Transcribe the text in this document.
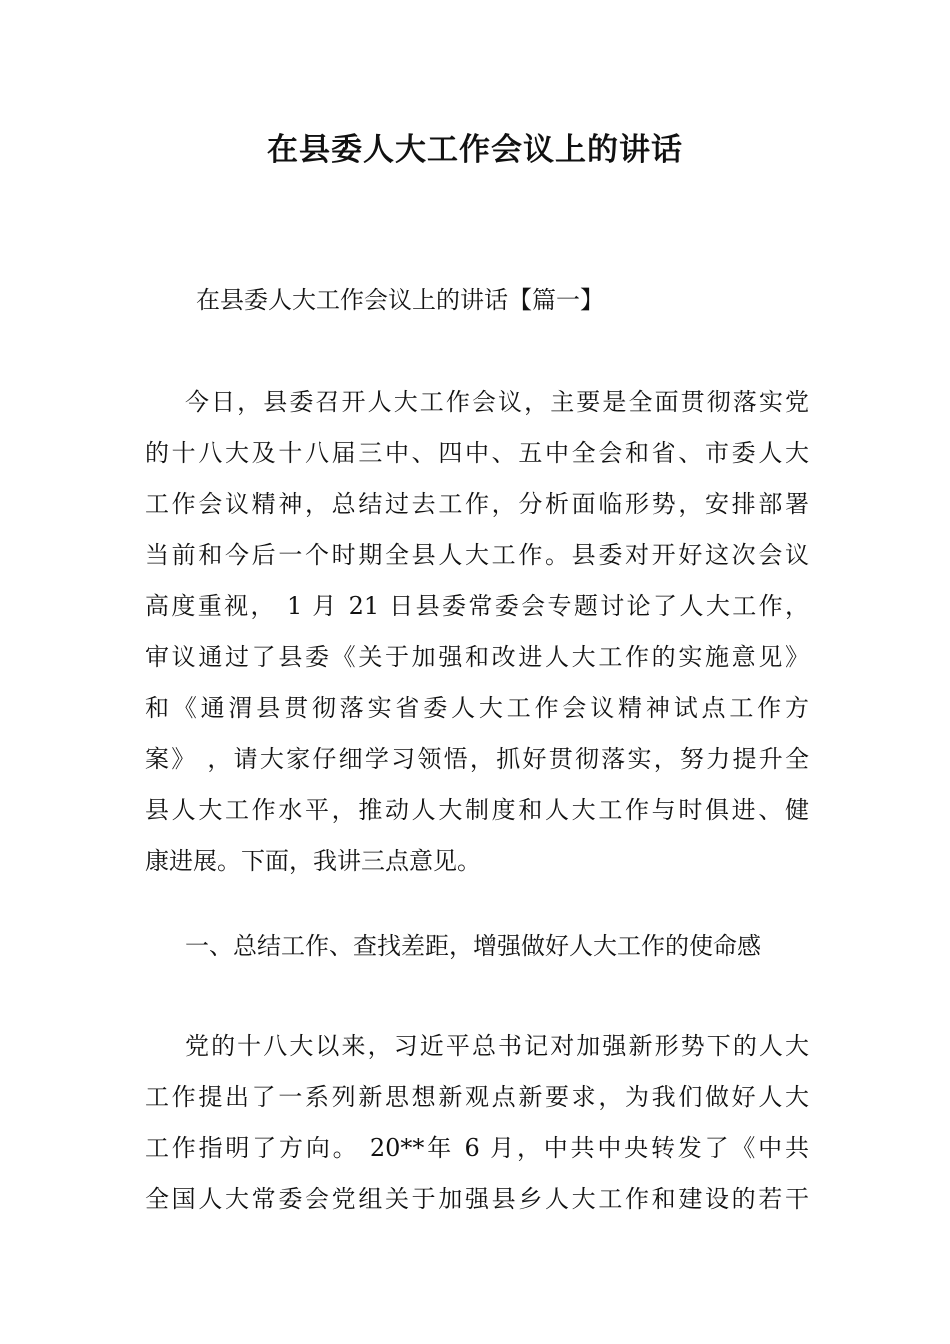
在县委人大工作会议上的讲话

在县委人大工作会议上的讲话【篇一】

今日，县委召开人大工作会议，主要是全面贯彻落实党
的十八大及十八届三中、四中、五中全会和省、市委人大
工作会议精神，总结过去工作，分析面临形势，安排部署
当前和今后一个时期全县人大工作。县委对开好这次会议
高度重视， 1 月 21 日县委常委会专题讨论了人大工作，
审议通过了县委《关于加强和改进人大工作的实施意见》
和《通渭县贯彻落实省委人大工作会议精神试点工作方
案》 ，请大家仔细学习领悟，抓好贯彻落实，努力提升全
县人大工作水平，推动人大制度和人大工作与时俱进、健
康进展。下面，我讲三点意见。

一、总结工作、查找差距，增强做好人大工作的使命感

党的十八大以来，习近平总书记对加强新形势下的人大
工作提出了一系列新思想新观点新要求，为我们做好人大
工作指明了方向。 20**年 6 月，中共中央转发了《中共
全国人大常委会党组关于加强县乡人大工作和建设的若干
